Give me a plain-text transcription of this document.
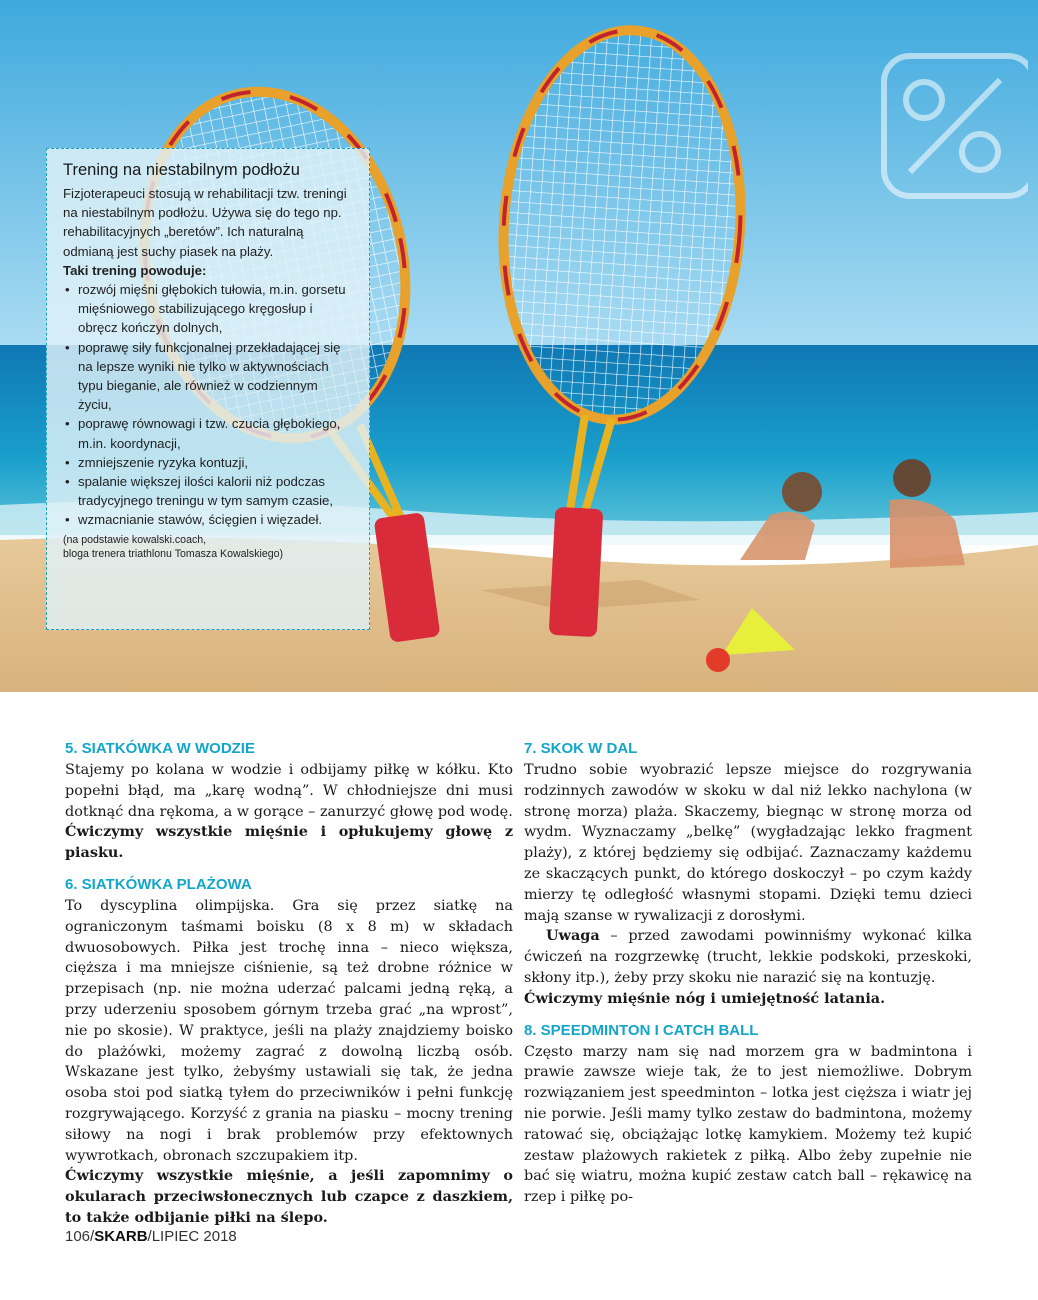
Trening na niestabilnym podłożu

Fizjoterapeuci stosują w rehabilitacji tzw. treningi na niestabilnym podłożu. Używa się do tego np. rehabilitacyjnych „beretów”. Ich naturalną odmianą jest suchy piasek na plaży.

Taki trening powoduje:

• rozwój mięśni głębokich tułowia, m.in. gorsetu mięśniowego stabilizującego kręgosłup i obręcz kończyn dolnych,
• poprawę siły funkcjonalnej przekładającej się na lepsze wyniki nie tylko w aktywnościach typu bieganie, ale również w codziennym życiu,
• poprawę równowagi i tzw. czucia głębokiego, m.in. koordynacji,
• zmniejszenie ryzyka kontuzji,
• spalanie większej ilości kalorii niż podczas tradycyjnego treningu w tym samym czasie,
• wzmacnianie stawów, ścięgien i więzadeł.
(na podstawie kowalski.coach,
bloga trenera triathlonu Tomasza Kowalskiego)
5. SIATKÓWKA W WODZIE

Stajemy po kolana w wodzie i odbijamy piłkę w kółku. Kto popełni błąd, ma „karę wodną”. W chłodniejsze dni musi dotknąć dna rękoma, a w gorące – zanurzyć głowę pod wodę.

Ćwiczymy wszystkie mięśnie i opłukujemy głowę z piasku.

6. SIATKÓWKA PLAŻOWA

To dyscyplina olimpijska. Gra się przez siatkę na ograniczonym taśmami boisku (8 x 8 m) w składach dwuosobowych. Piłka jest trochę inna – nieco większa, cięższa i ma mniejsze ciśnienie, są też drobne różnice w przepisach (np. nie można uderzać palcami jedną ręką, a przy uderzeniu sposobem górnym trzeba grać „na wprost”, nie po skosie). W praktyce, jeśli na plaży znajdziemy boisko do plażówki, możemy zagrać z dowolną liczbą osób. Wskazane jest tylko, żebyśmy ustawiali się tak, że jedna osoba stoi pod siatką tyłem do przeciwników i pełni funkcję rozgrywającego. Korzyść z grania na piasku – mocny trening siłowy na nogi i brak problemów przy efektownych wywrotkach, obronach szczupakiem itp.

Ćwiczymy wszystkie mięśnie, a jeśli zapomnimy o okularach przeciwsłonecznych lub czapce z daszkiem, to także odbijanie piłki na ślepo.

7. SKOK W DAL

Trudno sobie wyobrazić lepsze miejsce do rozgrywania rodzinnych zawodów w skoku w dal niż lekko nachylona (w stronę morza) plaża. Skaczemy, biegnąc w stronę morza od wydm. Wyznaczamy „belkę” (wygładzając lekko fragment plaży), z której będziemy się odbijać. Zaznaczamy każdemu ze skaczących punkt, do którego doskoczył – po czym każdy mierzy tę odległość własnymi stopami. Dzięki temu dzieci mają szanse w rywalizacji z dorosłymi.

Uwaga – przed zawodami powinniśmy wykonać kilka ćwiczeń na rozgrzewkę (trucht, lekkie podskoki, przeskoki, skłony itp.), żeby przy skoku nie narazić się na kontuzję.

Ćwiczymy mięśnie nóg i umiejętność latania.

8. SPEEDMINTON I CATCH BALL

Często marzy nam się nad morzem gra w badmintona i prawie zawsze wieje tak, że to jest niemożliwe. Dobrym rozwiązaniem jest speedminton – lotka jest cięższa i wiatr jej nie porwie. Jeśli mamy tylko zestaw do badmintona, możemy ratować się, obciążając lotkę kamykiem. Możemy też kupić zestaw plażowych rakietek z piłką. Albo żeby zupełnie nie bać się wiatru, można kupić zestaw catch ball – rękawicę na rzep i piłkę po-

106/SKARB/LIPIEC 2018
